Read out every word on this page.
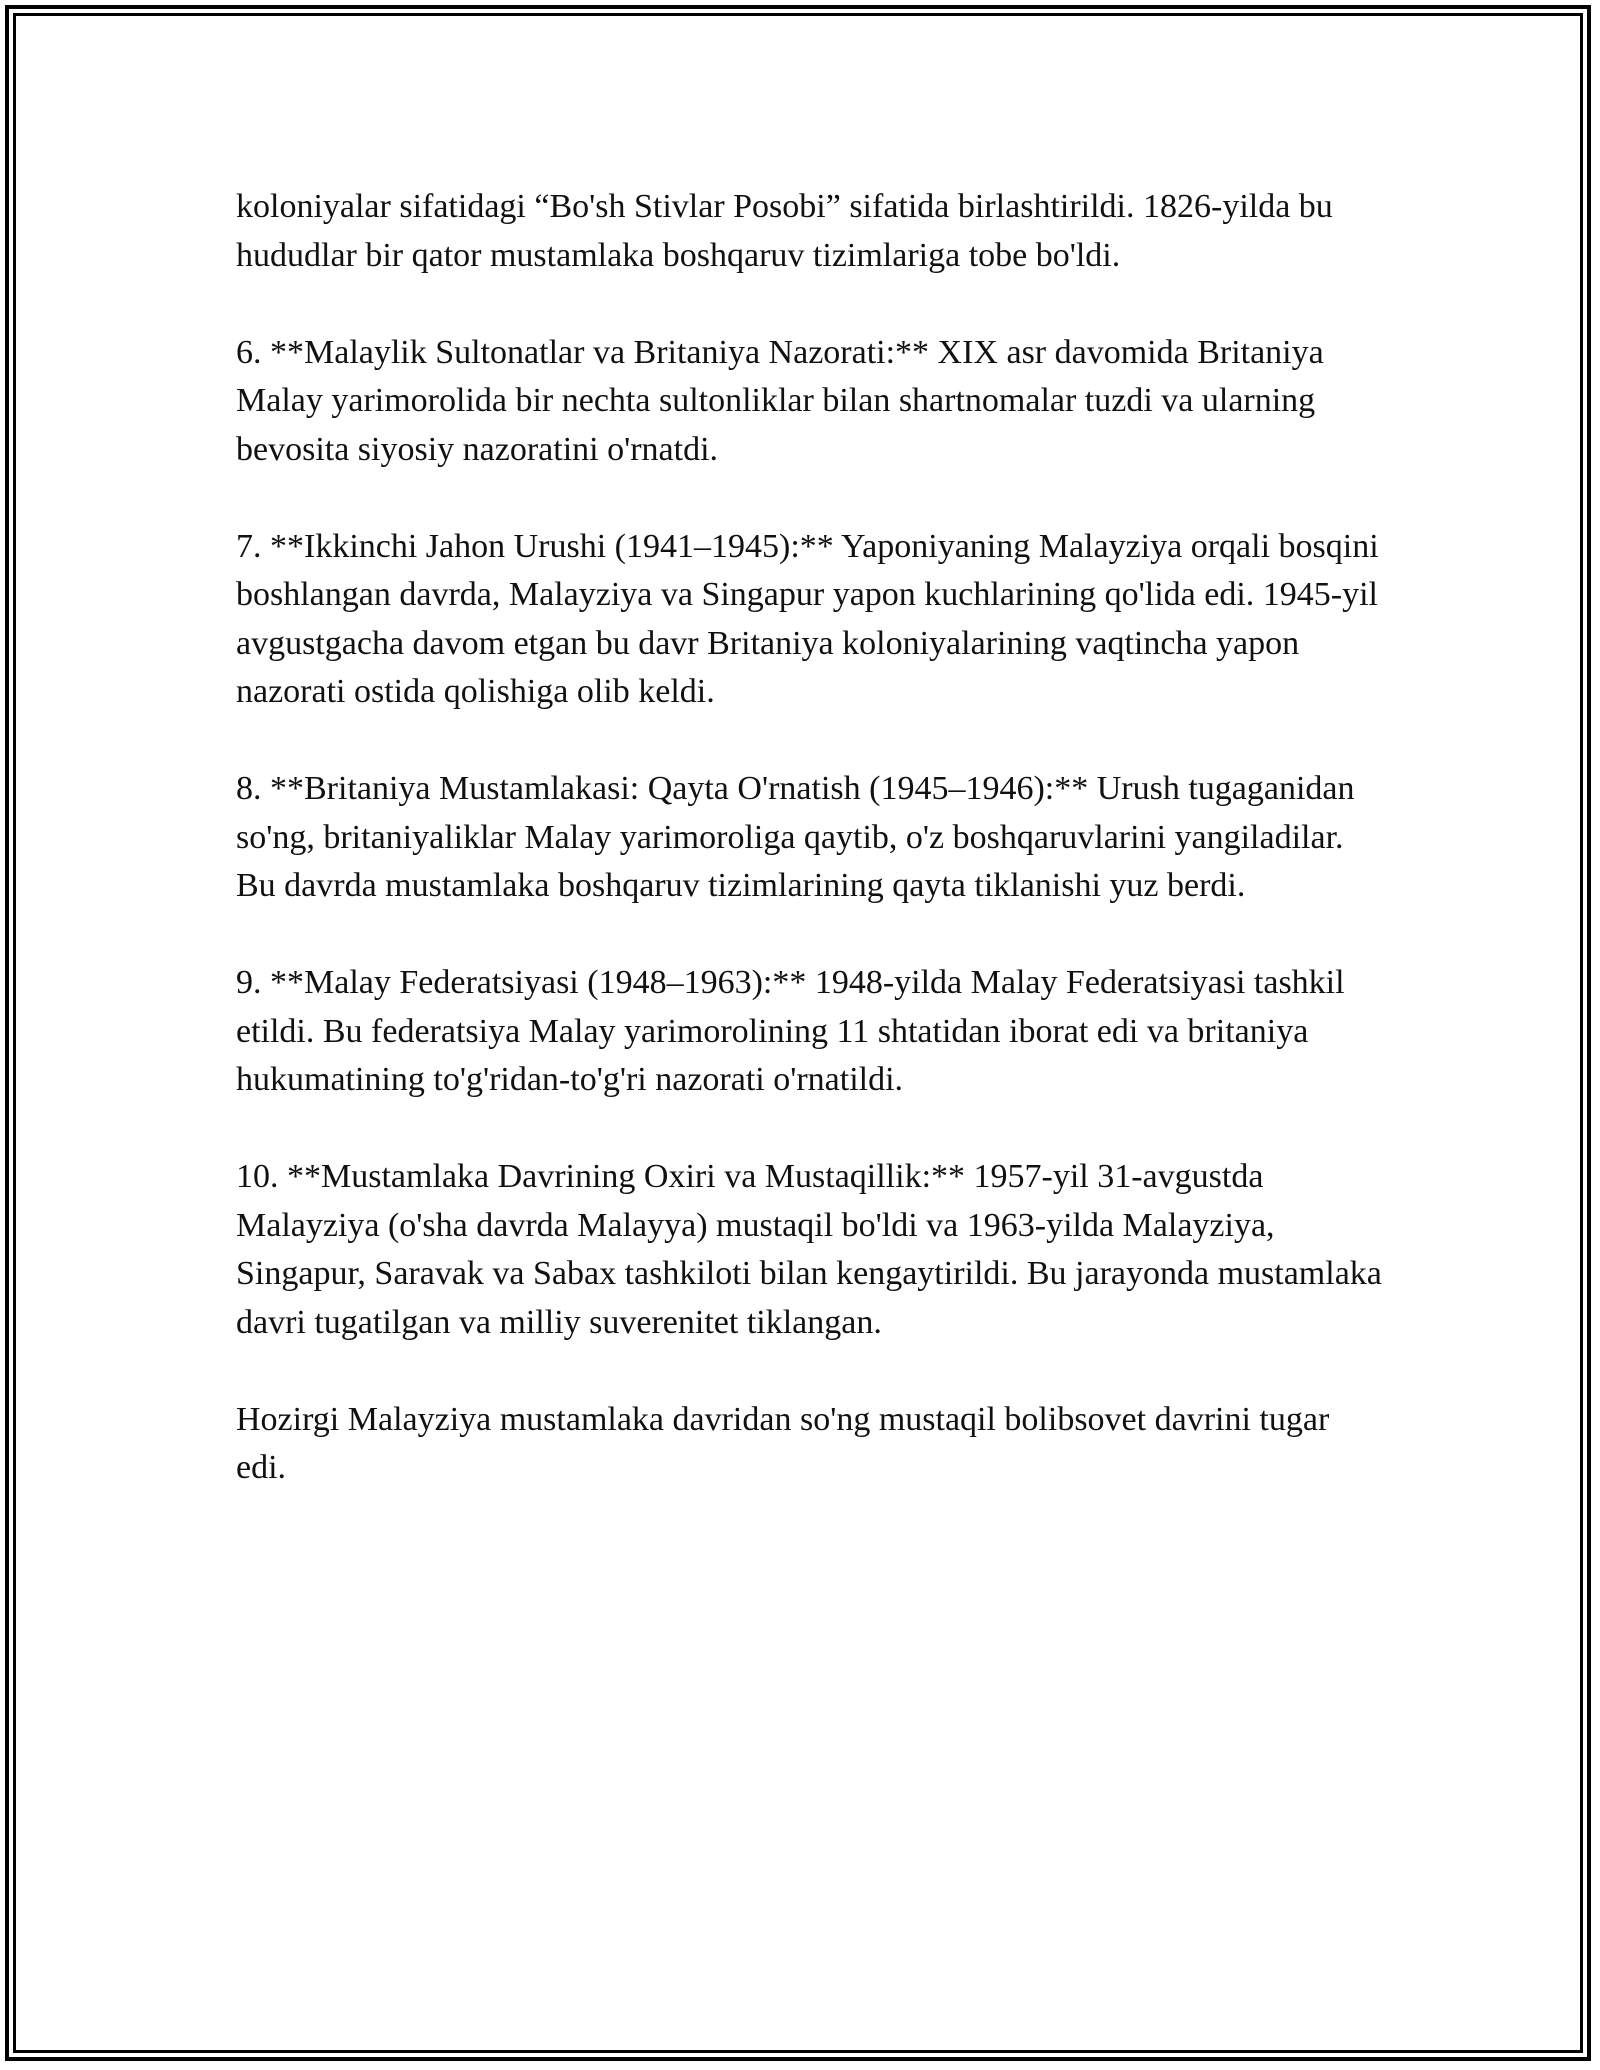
koloniyalar sifatidagi “Bo'sh Stivlar Posobi” sifatida birlashtirildi. 1826-yilda bu hududlar bir qator mustamlaka boshqaruv tizimlariga tobe bo'ldi.

6. **Malaylik Sultonatlar va Britaniya Nazorati:** XIX asr davomida Britaniya Malay yarimorolida bir nechta sultonliklar bilan shartnomalar tuzdi va ularning bevosita siyosiy nazoratini o'rnatdi.

7. **Ikkinchi Jahon Urushi (1941–1945):** Yaponiyaning Malayziya orqali bosqini boshlangan davrda, Malayziya va Singapur yapon kuchlarining qo'lida edi. 1945-yil avgustgacha davom etgan bu davr Britaniya koloniyalarining vaqtincha yapon nazorati ostida qolishiga olib keldi.

8. **Britaniya Mustamlakasi: Qayta O'rnatish (1945–1946):** Urush tugaganidan so'ng, britaniyaliklar Malay yarimoroliga qaytib, o'z boshqaruvlarini yangiladilar. Bu davrda mustamlaka boshqaruv tizimlarining qayta tiklanishi yuz berdi.

9. **Malay Federatsiyasi (1948–1963):** 1948-yilda Malay Federatsiyasi tashkil etildi. Bu federatsiya Malay yarimorolining 11 shtatidan iborat edi va britaniya hukumatining to'g'ridan-to'g'ri nazorati o'rnatildi.

10. **Mustamlaka Davrining Oxiri va Mustaqillik:** 1957-yil 31-avgustda Malayziya (o'sha davrda Malayya) mustaqil bo'ldi va 1963-yilda Malayziya, Singapur, Saravak va Sabax tashkiloti bilan kengaytirildi. Bu jarayonda mustamlaka davri tugatilgan va milliy suverenitet tiklangan.

Hozirgi Malayziya mustamlaka davridan so'ng mustaqil bolibsovet davrini tugar edi.
